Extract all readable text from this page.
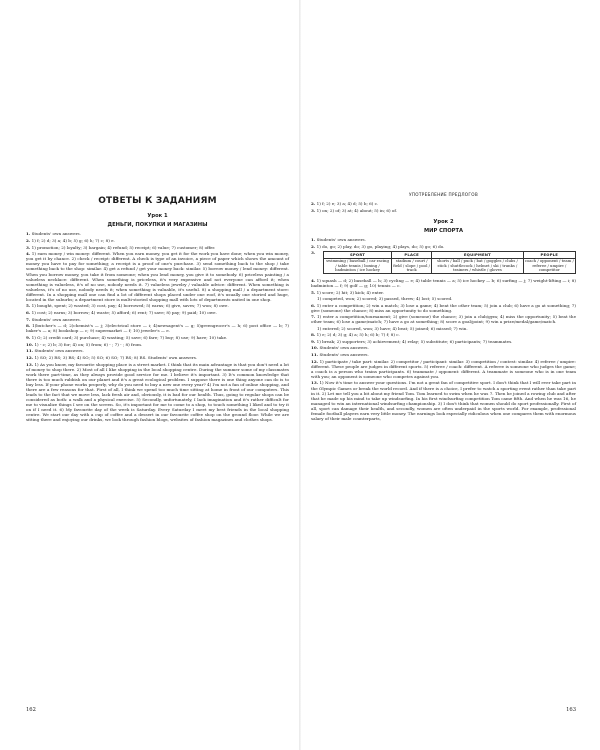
ОТВЕТЫ К ЗАДАНИЯМ
Урок 1
ДЕНЬГИ, ПОКУПКИ И МАГАЗИНЫ
1. Students' own answers.
2. 1) f; 2) d; 3) a; 4) b; 5) g; 6) h; 7) c; 8) e.
3. 1) promotion; 2) loyalty; 3) bargain; 4) refund; 5) receipt; 6) value; 7) customer; 8) offer.
4. 1) earn money / win money: different. When you earn money, you get it for the work you have done; when you win money, you get it by chance. 2) check / receipt: different. A check is type of an invoice, a piece of paper which shows the amount of money you have to pay for something; a receipt is a proof of one's purchase. 3) send something back to the shop / take something back to the shop: similar. 4) get a refund / get your money back: similar. 5) borrow money / lend money: different. When you borrow money, you take it from someone; when you lend money, you give it to somebody. 6) priceless painting / a valueless necklace: different. When something is priceless, it's very expensive and not everyone can afford it; when something is valueless, it's of no use, nobody needs it. 7) valueless jewelry / valuable advice: different. When something is valueless, it's of no use, nobody needs it; when something is valuable, it's useful. 8) a shopping mall / a department store: different. In a shopping mall one can find a lot of different shops placed under one roof, it's usually one storied and huge, located in the suburbs; a department store is multi-storied shopping mall with lots of departments united in one shop.
5. 1) bought, spent; 2) wasted; 3) cost, pay; 4) borrowed; 5) earns; 6) give, saves; 7) won; 8) owe.
6. 1) cost; 2) earns; 3) borrow; 4) waste; 5) afford; 6) rent; 7) save; 8) pay; 9) paid; 10) owe.
7. Students' own answers.
8. 1)butcher's — d; 2)chemist's — j; 3)electrical store — i; 4)newsagent's — g; 5)greengrocer's — h; 6) post office — b; 7) baker's — a; 8) bookshop — c; 9) supermarket — f; 10) jeweler's — e.
9. 1) O; 2) credit card; 3) purchase; 4) wasting; 5) save; 6) fare; 7) buy; 8) use; 9) have; 10) take.
10. 1) - c; 2) b; 3) for; 4) on; 5) from; 6) - ; 7) - ; 8) from.
11. Students' own answers.
12. 1) SO; 2) RS; 3) RS; 4) SO; 5) SO; 6) SO; 7) RS; 8) RS. Students' own answers.
13. 1) As you know, my favourite shopping place is a street market. I think that its main advantage is that you don't need a lot of money to shop there. 2) Most of all I like shopping in the local shopping centre. During the summer some of my classmates work there part-time, as they always provide good service for me. I believe it's important. 3) It's common knowledge that there is too much rubbish on our planet and it's a great ecological problem. I suppose there is one thing anyone can do is to buy less. If your phone works properly, why do you need to buy a new one every year? 4) I'm not a fan of online shopping, and there are a few reasons for that. First of all, I think we spend too much time sitting at home in front of our computers. This leads to the fact that we move less, lack fresh air and, obviously, it is bad for our health. Thus, going to regular shops can be considered as both: a walk and a physical exercise. 5) Secondly, unfortunately, I lack imagination and it's rather difficult for me to visualize things I see on the screen. So, it's important for me to come to a shop, to touch something I liked and to try it on if I need it. 6) My favourite day of the week is Saturday. Every Saturday I meet my best friends in the local shopping centre. We start our day with a cup of coffee and a dessert in our favourite coffee shop on the ground floor. While we are sitting there and enjoying our drinks, we look through fashion blogs, websites of fashion magazines and clothes shops.
162
УПОТРЕБЛЕНИЕ ПРЕДЛОГОВ
2. 1) f; 2) e; 3) a; 4) d; 5) b; 6) c.
3. 1) on; 2) of; 3) at; 4) about; 5) in; 6) of.
Урок 2
МИР СПОРТА
1. Students' own answers.
2. 1) do, go; 2) play, do; 3) go, playing; 4) plays, do; 5) go; 6) do.
3.	SPORT	PLACE	EQUIPMENT	PEOPLE
swimming / baseball / car racing / table tennis / boxing / badminton / ice hockey	stadium / court / field / slope / pool / track	shorts / ball / puck / bat / goggles / clubs / stick / shuttlecock / helmet / ski / trunks / trainers / whistle / gloves	coach / opponent / team / referee / umpire / competitor
4. 1) squash — d; 2) baseball — h; 3) cycling — e; 4) table tennis — a; 5) ice hockey — b; 6) surfing — j; 7) weight-lifting — i; 8) badminton — f; 9) golf — g; 10) tennis — c.
5. 1) score; 2) hit; 3) kick; 4) enter.
1) competed, won; 2) scored; 3) passed, threw; 4) lost; 5) scored.
6. 1) enter a competition; 2) win a match; 3) lose a game; 4) beat the other team; 5) join a club; 6) have a go at something; 7) give (someone) the chance; 8) miss an opportunity to do something.
7. 1) enter a competition/tournament; 2) give (someone) the chance; 3) join a club/gym; 4) miss the opportunity; 5) beat the other team; 6) lose a game/match; 7) have a go at something; 8) score a goal/point; 9) win a prize/medal/game/match.
1) entered; 2) scored, won; 3) have; 4) beat; 5) joined; 6) missed; 7) win.
8. 1) e; 2) d; 3) g; 4) a; 5) h; 6) b; 7) f; 8) c.
9. 1) break; 2) supporters; 3) achievement; 4) relay; 5) substitute; 6) participants; 7) teammates.
10. Students' own answers.
11. Students' own answers.
12. 1) participate / take part: similar. 2) competitor / participant: similar. 3) competition / contest: similar. 4) referee / umpire: different. These people are judges in different sports. 5) referee / coach: different. A referee is someone who judges the game; a coach is a person who trains participants. 6) teammate / opponent: different. A teammate is someone who is in one team with you; an opponent is someone who competes against you.
13. 1) Now it's time to answer your questions. I'm not a great fan of competitive sport. I don't think that I will ever take part in the Olympic Games or break the world record. And if there is a choice, I prefer to watch a sporting event rather than take part in it. 2) Let me tell you a bit about my friend Tom. Tom learned to swim when he was 7. Then he joined a rowing club and after that he made up his mind to take up windsurfing. In his first windsurfing competition Tom came fifth. And when he was 16, he managed to win an international windsurfing championship. 3) I don't think that women should do sport professionally. First of all, sport can damage their health, and secondly, women are often underpaid in the sports world. For example, professional female football players earn very little money. The earnings look especially ridiculous when one compares them with enormous salary of their male counterparts,
163
